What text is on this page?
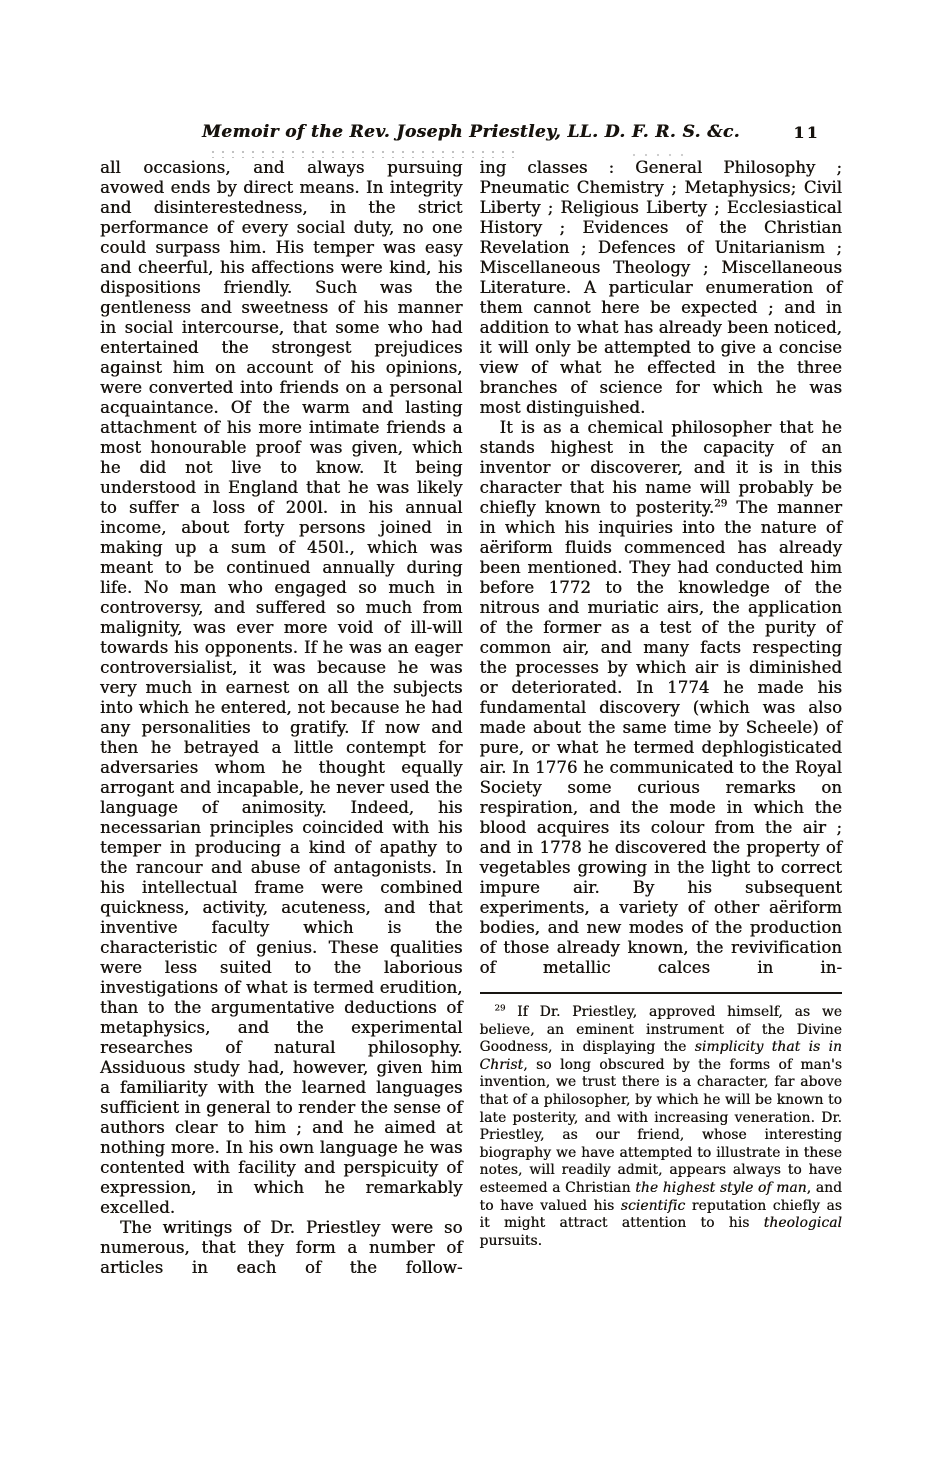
Memoir of the Rev. Joseph Priestley, LL. D. F. R. S. &c.	11

all occasions, and always pursuing avowed ends by direct means. In integrity and disinterestedness, in the strict performance of every social duty, no one could surpass him. His temper was easy and cheerful, his affections were kind, his dispositions friendly. Such was the gentleness and sweetness of his manner in social intercourse, that some who had entertained the strongest prejudices against him on account of his opinions, were converted into friends on a personal acquaintance. Of the warm and lasting attachment of his more intimate friends a most honourable proof was given, which he did not live to know. It being understood in England that he was likely to suffer a loss of 200l. in his annual income, about forty persons joined in making up a sum of 450l., which was meant to be continued annually during life. No man who engaged so much in controversy, and suffered so much from malignity, was ever more void of ill-will towards his opponents. If he was an eager controversialist, it was because he was very much in earnest on all the subjects into which he entered, not because he had any personalities to gratify. If now and then he betrayed a little contempt for adversaries whom he thought equally arrogant and incapable, he never used the language of animosity. Indeed, his necessarian principles coincided with his temper in producing a kind of apathy to the rancour and abuse of antagonists. In his intellectual frame were combined quickness, activity, acuteness, and that inventive faculty which is the characteristic of genius. These qualities were less suited to the laborious investigations of what is termed erudition, than to the argumentative deductions of metaphysics, and the experimental researches of natural philosophy. Assiduous study had, however, given him a familiarity with the learned languages sufficient in general to render the sense of authors clear to him ; and he aimed at nothing more. In his own language he was contented with facility and perspicuity of expression, in which he remarkably excelled.

The writings of Dr. Priestley were so numerous, that they form a number of articles in each of the follow-

ing classes : General Philosophy ; Pneumatic Chemistry ; Metaphysics; Civil Liberty ; Religious Liberty ; Ecclesiastical History ; Evidences of the Christian Revelation ; Defences of Unitarianism ; Miscellaneous Theology ; Miscellaneous Literature. A particular enumeration of them cannot here be expected ; and in addition to what has already been noticed, it will only be attempted to give a concise view of what he effected in the three branches of science for which he was most distinguished.

It is as a chemical philosopher that he stands highest in the capacity of an inventor or discoverer, and it is in this character that his name will probably be chiefly known to posterity.$^{29}$ The manner in which his inquiries into the nature of aëriform fluids commenced has already been mentioned. They had conducted him before 1772 to the knowledge of the nitrous and muriatic airs, the application of the former as a test of the purity of common air, and many facts respecting the processes by which air is diminished or deteriorated. In 1774 he made his fundamental discovery (which was also made about the same time by Scheele) of pure, or what he termed dephlogisticated air. In 1776 he communicated to the Royal Society some curious remarks on respiration, and the mode in which the blood acquires its colour from the air ; and in 1778 he discovered the property of vegetables growing in the light to correct impure air. By his subsequent experiments, a variety of other aëriform bodies, and new modes of the production of those already known, the revivification of metallic calces in in-

$^{29}$ If Dr. Priestley, approved himself, as we believe, an eminent instrument of the Divine Goodness, in displaying the simplicity that is in Christ, so long obscured by the forms of man's invention, we trust there is a character, far above that of a philosopher, by which he will be known to late posterity, and with increasing veneration. Dr. Priestley, as our friend, whose interesting biography we have attempted to illustrate in these notes, will readily admit, appears always to have esteemed a Christian the highest style of man, and to have valued his scientific reputation chiefly as it might attract attention to his theological pursuits.
